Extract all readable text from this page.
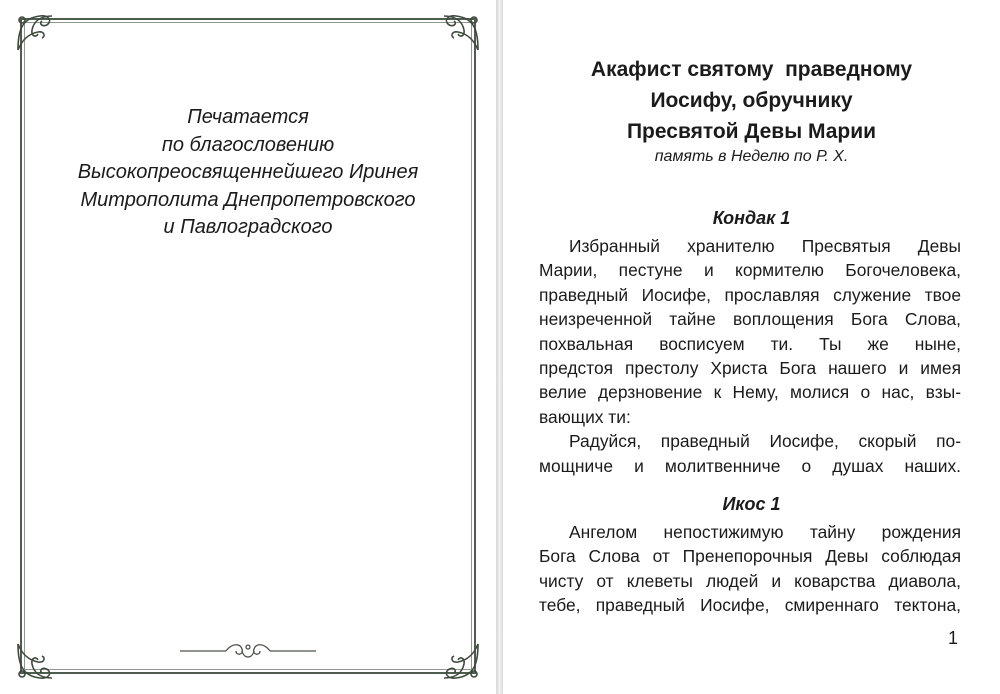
Печатается
по благословению
Высокопреосвященнейшего Иринея
Митрополита Днепропетровского
и Павлоградского
Акафист святому  праведному
Иосифу, обручнику
Пресвятой Девы Марии
память в Неделю по Р. Х.
Кондак 1
Избранный хранителю Пресвятыя Девы
Марии, пестуне и кормителю Богочеловека,
праведный Иосифе, прославляя служение твое
неизреченной тайне воплощения Бога Слова,
похвальная восписуем ти. Ты же ныне,
предстоя престолу Христа Бога нашего и имея
велие дерзновение к Нему, молися о нас, взы-
вающих ти:
Радуйся, праведный Иосифе, скорый по-
мощниче и молитвенниче о душах наших.
Икос 1
Ангелом непостижимую тайну рождения
Бога Слова от Пренепорочныя Девы соблюдая
чисту от клеветы людей и коварства диавола,
тебе, праведный Иосифе, смиреннаго тектона,
1
